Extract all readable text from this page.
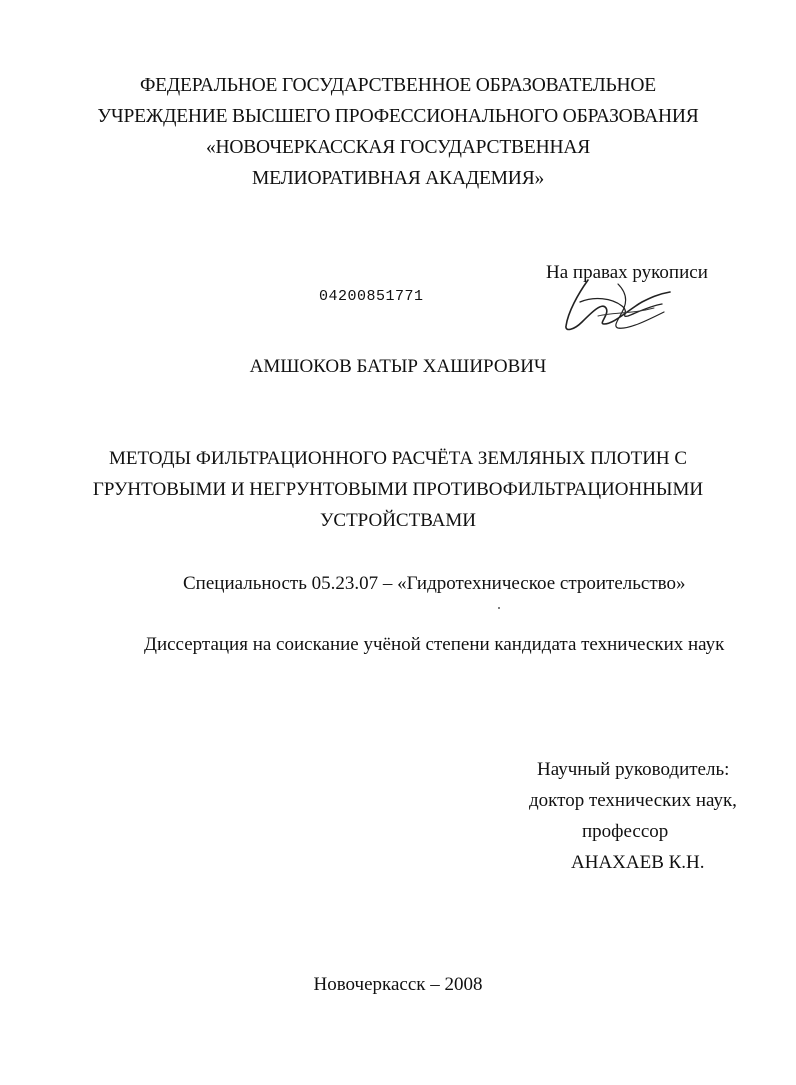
ФЕДЕРАЛЬНОЕ ГОСУДАРСТВЕННОЕ ОБРАЗОВАТЕЛЬНОЕ
УЧРЕЖДЕНИЕ ВЫСШЕГО ПРОФЕССИОНАЛЬНОГО ОБРАЗОВАНИЯ
«НОВОЧЕРКАССКАЯ ГОСУДАРСТВЕННАЯ
МЕЛИОРАТИВНАЯ АКАДЕМИЯ»
На правах рукописи
04200851771
АМШОКОВ БАТЫР ХАШИРОВИЧ
МЕТОДЫ ФИЛЬТРАЦИОННОГО РАСЧЁТА ЗЕМЛЯНЫХ ПЛОТИН С
ГРУНТОВЫМИ И НЕГРУНТОВЫМИ ПРОТИВОФИЛЬТРАЦИОННЫМИ
УСТРОЙСТВАМИ
Специальность 05.23.07 – «Гидротехническое строительство»
Диссертация на соискание учёной степени кандидата технических наук
Научный руководитель:
доктор технических наук,
профессор
АНАХАЕВ К.Н.
Новочеркасск – 2008
